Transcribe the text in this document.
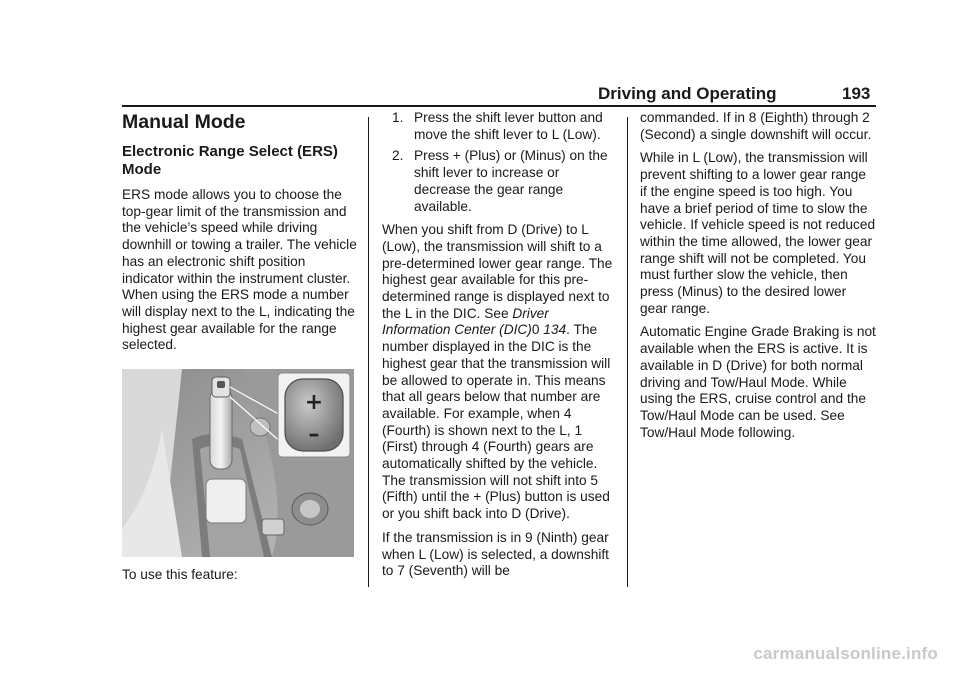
Driving and Operating	193
Manual Mode
Electronic Range Select (ERS) Mode

ERS mode allows you to choose the top-gear limit of the transmission and the vehicle’s speed while driving downhill or towing a trailer. The vehicle has an electronic shift position indicator within the instrument cluster. When using the ERS mode a number will display next to the L, indicating the highest gear available for the range selected.

+
–

To use this feature:

1. Press the shift lever button and move the shift lever to L (Low).
2. Press + (Plus) or (Minus) on the shift lever to increase or decrease the gear range available.

When you shift from D (Drive) to L (Low), the transmission will shift to a pre-determined lower gear range. The highest gear available for this pre-determined range is displayed next to the L in the DIC. See Driver Information Center (DIC)0 134. The number displayed in the DIC is the highest gear that the transmission will be allowed to operate in. This means that all gears below that number are available. For example, when 4 (Fourth) is shown next to the L, 1 (First) through 4 (Fourth) gears are automatically shifted by the vehicle. The transmission will not shift into 5 (Fifth) until the + (Plus) button is used or you shift back into D (Drive).

If the transmission is in 9 (Ninth) gear when L (Low) is selected, a downshift to 7 (Seventh) will be

commanded. If in 8 (Eighth) through 2 (Second) a single downshift will occur.

While in L (Low), the transmission will prevent shifting to a lower gear range if the engine speed is too high. You have a brief period of time to slow the vehicle. If vehicle speed is not reduced within the time allowed, the lower gear range shift will not be completed. You must further slow the vehicle, then press (Minus) to the desired lower gear range.

Automatic Engine Grade Braking is not available when the ERS is active. It is available in D (Drive) for both normal driving and Tow/Haul Mode. While using the ERS, cruise control and the Tow/Haul Mode can be used. See Tow/Haul Mode following.

carmanualsonline.info
